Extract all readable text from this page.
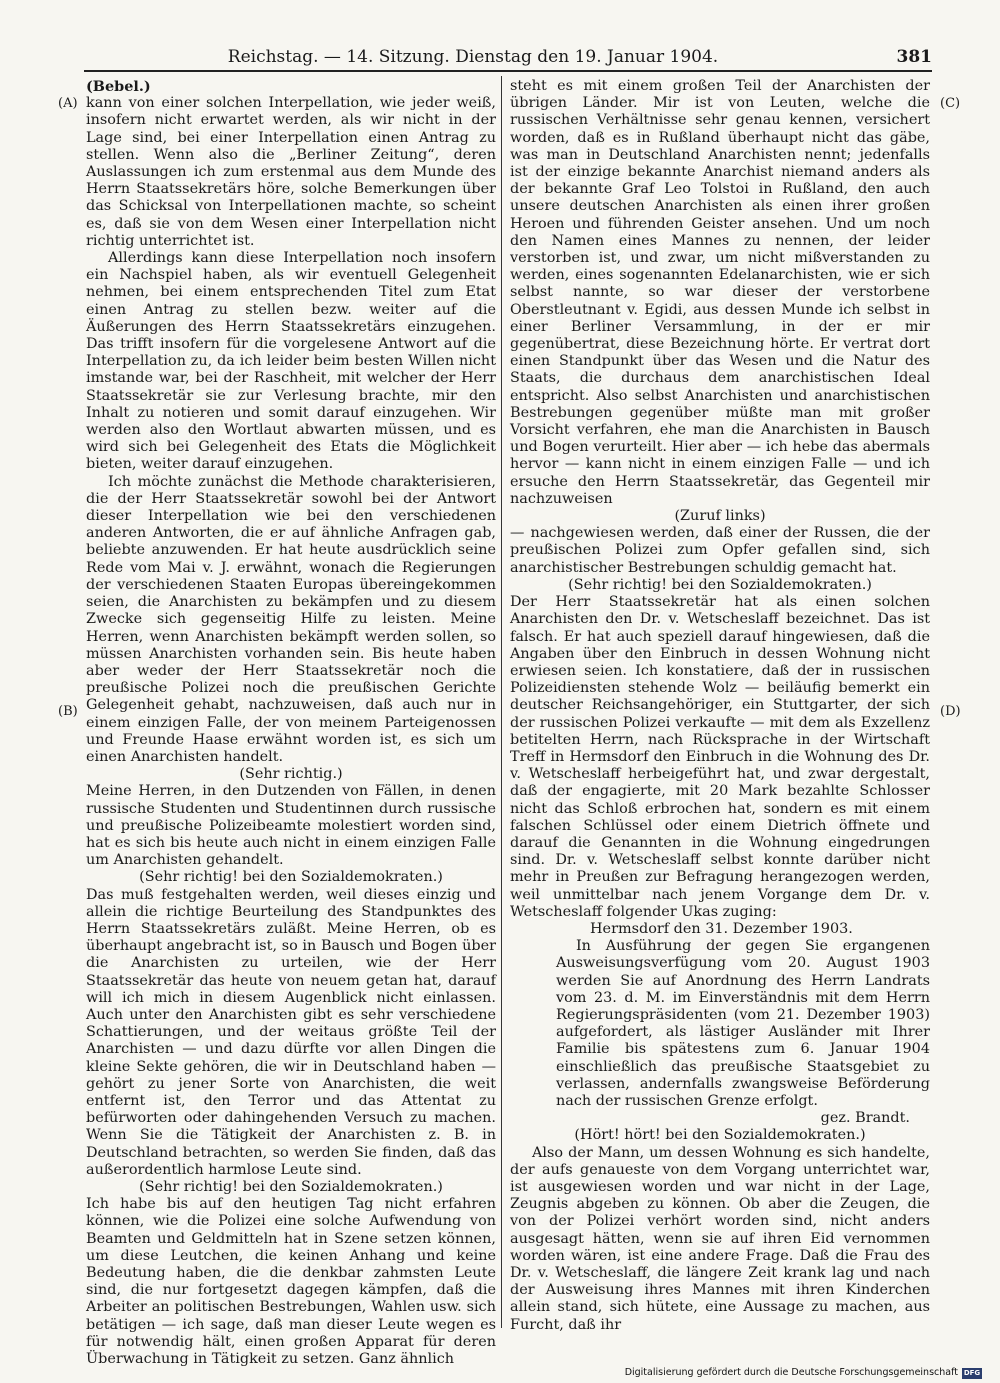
Reichstag. — 14. Sitzung. Dienstag den 19. Januar 1904.	381
(A)
(B)
(C)
(D)

(Bebel.)

kann von einer solchen Interpellation, wie jeder weiß, insofern nicht erwartet werden, als wir nicht in der Lage sind, bei einer Interpellation einen Antrag zu stellen. Wenn also die „Berliner Zeitung“, deren Auslassungen ich zum erstenmal aus dem Munde des Herrn Staatssekretärs höre, solche Bemerkungen über das Schicksal von Interpellationen machte, so scheint es, daß sie von dem Wesen einer Interpellation nicht richtig unterrichtet ist.

Allerdings kann diese Interpellation noch insofern ein Nachspiel haben, als wir eventuell Gelegenheit nehmen, bei einem entsprechenden Titel zum Etat einen Antrag zu stellen bezw. weiter auf die Äußerungen des Herrn Staatssekretärs einzugehen. Das trifft insofern für die vorgelesene Antwort auf die Interpellation zu, da ich leider beim besten Willen nicht imstande war, bei der Raschheit, mit welcher der Herr Staatssekretär sie zur Verlesung brachte, mir den Inhalt zu notieren und somit darauf einzugehen. Wir werden also den Wortlaut abwarten müssen, und es wird sich bei Gelegenheit des Etats die Möglichkeit bieten, weiter darauf einzugehen.

Ich möchte zunächst die Methode charakterisieren, die der Herr Staatssekretär sowohl bei der Antwort dieser Interpellation wie bei den verschiedenen anderen Antworten, die er auf ähnliche Anfragen gab, beliebte anzuwenden. Er hat heute ausdrücklich seine Rede vom Mai v. J. erwähnt, wonach die Regierungen der verschiedenen Staaten Europas übereingekommen seien, die Anarchisten zu bekämpfen und zu diesem Zwecke sich gegenseitig Hilfe zu leisten. Meine Herren, wenn Anarchisten bekämpft werden sollen, so müssen Anarchisten vorhanden sein. Bis heute haben aber weder der Herr Staatssekretär noch die preußische Polizei noch die preußischen Gerichte Gelegenheit gehabt, nachzuweisen, daß auch nur in einem einzigen Falle, der von meinem Parteigenossen und Freunde Haase erwähnt worden ist, es sich um einen Anarchisten handelt.

(Sehr richtig.)

Meine Herren, in den Dutzenden von Fällen, in denen russische Studenten und Studentinnen durch russische und preußische Polizeibeamte molestiert worden sind, hat es sich bis heute auch nicht in einem einzigen Falle um Anarchisten gehandelt.

(Sehr richtig! bei den Sozialdemokraten.)

Das muß festgehalten werden, weil dieses einzig und allein die richtige Beurteilung des Standpunktes des Herrn Staatssekretärs zuläßt. Meine Herren, ob es überhaupt angebracht ist, so in Bausch und Bogen über die Anarchisten zu urteilen, wie der Herr Staatssekretär das heute von neuem getan hat, darauf will ich mich in diesem Augenblick nicht einlassen. Auch unter den Anarchisten gibt es sehr verschiedene Schattierungen, und der weitaus größte Teil der Anarchisten — und dazu dürfte vor allen Dingen die kleine Sekte gehören, die wir in Deutschland haben — gehört zu jener Sorte von Anarchisten, die weit entfernt ist, den Terror und das Attentat zu befürworten oder dahingehenden Versuch zu machen. Wenn Sie die Tätigkeit der Anarchisten z. B. in Deutschland betrachten, so werden Sie finden, daß das außerordentlich harmlose Leute sind.

(Sehr richtig! bei den Sozialdemokraten.)

Ich habe bis auf den heutigen Tag nicht erfahren können, wie die Polizei eine solche Aufwendung von Beamten und Geldmitteln hat in Szene setzen können, um diese Leutchen, die keinen Anhang und keine Bedeutung haben, die die denkbar zahmsten Leute sind, die nur fortgesetzt dagegen kämpfen, daß die Arbeiter an politischen Bestrebungen, Wahlen usw. sich betätigen — ich sage, daß man dieser Leute wegen es für notwendig hält, einen großen Apparat für deren Überwachung in Tätigkeit zu setzen. Ganz ähnlich

steht es mit einem großen Teil der Anarchisten der übrigen Länder. Mir ist von Leuten, welche die russischen Verhältnisse sehr genau kennen, versichert worden, daß es in Rußland überhaupt nicht das gäbe, was man in Deutschland Anarchisten nennt; jedenfalls ist der einzige bekannte Anarchist niemand anders als der bekannte Graf Leo Tolstoi in Rußland, den auch unsere deutschen Anarchisten als einen ihrer großen Heroen und führenden Geister ansehen. Und um noch den Namen eines Mannes zu nennen, der leider verstorben ist, und zwar, um nicht mißverstanden zu werden, eines sogenannten Edelanarchisten, wie er sich selbst nannte, so war dieser der verstorbene Oberstleutnant v. Egidi, aus dessen Munde ich selbst in einer Berliner Versammlung, in der er mir gegenübertrat, diese Bezeichnung hörte. Er vertrat dort einen Standpunkt über das Wesen und die Natur des Staats, die durchaus dem anarchistischen Ideal entspricht. Also selbst Anarchisten und anarchistischen Bestrebungen gegenüber müßte man mit großer Vorsicht verfahren, ehe man die Anarchisten in Bausch und Bogen verurteilt. Hier aber — ich hebe das abermals hervor — kann nicht in einem einzigen Falle — und ich ersuche den Herrn Staatssekretär, das Gegenteil mir nachzuweisen

(Zuruf links)

— nachgewiesen werden, daß einer der Russen, die der preußischen Polizei zum Opfer gefallen sind, sich anarchistischer Bestrebungen schuldig gemacht hat.

(Sehr richtig! bei den Sozialdemokraten.)

Der Herr Staatssekretär hat als einen solchen Anarchisten den Dr. v. Wetscheslaff bezeichnet. Das ist falsch. Er hat auch speziell darauf hingewiesen, daß die Angaben über den Einbruch in dessen Wohnung nicht erwiesen seien. Ich konstatiere, daß der in russischen Polizeidiensten stehende Wolz — beiläufig bemerkt ein deutscher Reichsangehöriger, ein Stuttgarter, der sich der russischen Polizei verkaufte — mit dem als Exzellenz betitelten Herrn, nach Rücksprache in der Wirtschaft Treff in Hermsdorf den Einbruch in die Wohnung des Dr. v. Wetscheslaff herbeigeführt hat, und zwar dergestalt, daß der engagierte, mit 20 Mark bezahlte Schlosser nicht das Schloß erbrochen hat, sondern es mit einem falschen Schlüssel oder einem Dietrich öffnete und darauf die Genannten in die Wohnung eingedrungen sind. Dr. v. Wetscheslaff selbst konnte darüber nicht mehr in Preußen zur Befragung herangezogen werden, weil unmittelbar nach jenem Vorgange dem Dr. v. Wetscheslaff folgender Ukas zuging:

Hermsdorf den 31. Dezember 1903.

In Ausführung der gegen Sie ergangenen Ausweisungsverfügung vom 20. August 1903 werden Sie auf Anordnung des Herrn Landrats vom 23. d. M. im Einverständnis mit dem Herrn Regierungspräsidenten (vom 21. Dezember 1903) aufgefordert, als lästiger Ausländer mit Ihrer Familie bis spätestens zum 6. Januar 1904 einschließlich das preußische Staatsgebiet zu verlassen, andernfalls zwangsweise Beförderung nach der russischen Grenze erfolgt.

gez. Brandt.

(Hört! hört! bei den Sozialdemokraten.)

Also der Mann, um dessen Wohnung es sich handelte, der aufs genaueste von dem Vorgang unterrichtet war, ist ausgewiesen worden und war nicht in der Lage, Zeugnis abgeben zu können. Ob aber die Zeugen, die von der Polizei verhört worden sind, nicht anders ausgesagt hätten, wenn sie auf ihren Eid vernommen worden wären, ist eine andere Frage. Daß die Frau des Dr. v. Wetscheslaff, die längere Zeit krank lag und nach der Ausweisung ihres Mannes mit ihren Kinderchen allein stand, sich hütete, eine Aussage zu machen, aus Furcht, daß ihr

Digitalisierung gefördert durch die Deutsche Forschungsgemeinschaft DFG
